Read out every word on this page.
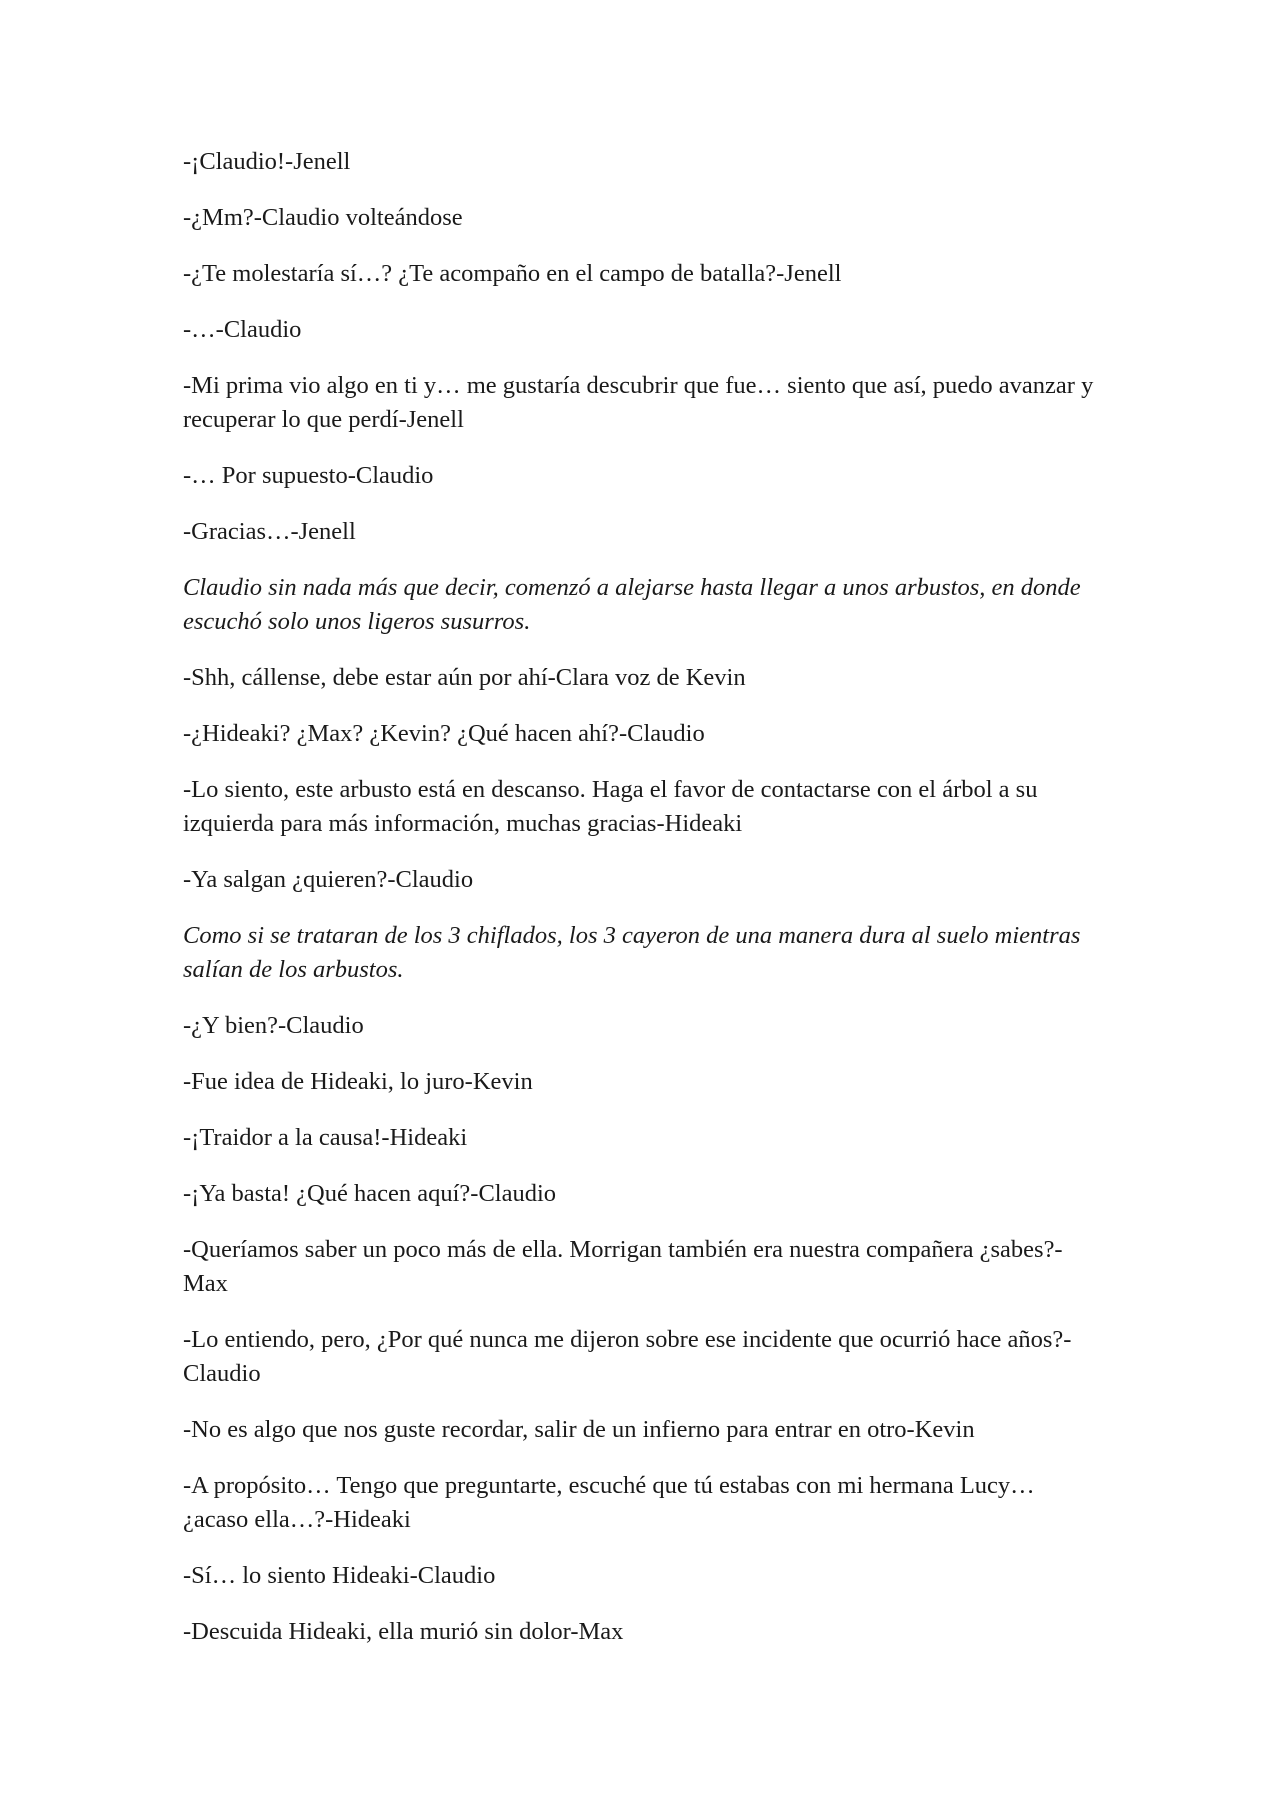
-¡Claudio!-Jenell

-¿Mm?-Claudio volteándose

-¿Te molestaría sí…? ¿Te acompaño en el campo de batalla?-Jenell

-…-Claudio

-Mi prima vio algo en ti y… me gustaría descubrir que fue… siento que así, puedo avanzar y recuperar lo que perdí-Jenell

-… Por supuesto-Claudio

-Gracias…-Jenell

Claudio sin nada más que decir, comenzó a alejarse hasta llegar a unos arbustos, en donde escuchó solo unos ligeros susurros.

-Shh, cállense, debe estar aún por ahí-Clara voz de Kevin

-¿Hideaki? ¿Max? ¿Kevin? ¿Qué hacen ahí?-Claudio

-Lo siento, este arbusto está en descanso. Haga el favor de contactarse con el árbol a su izquierda para más información, muchas gracias-Hideaki

-Ya salgan ¿quieren?-Claudio

Como si se trataran de los 3 chiflados, los 3 cayeron de una manera dura al suelo mientras salían de los arbustos.

-¿Y bien?-Claudio

-Fue idea de Hideaki, lo juro-Kevin

-¡Traidor a la causa!-Hideaki

-¡Ya basta! ¿Qué hacen aquí?-Claudio

-Queríamos saber un poco más de ella. Morrigan también era nuestra compañera ¿sabes?-Max

-Lo entiendo, pero, ¿Por qué nunca me dijeron sobre ese incidente que ocurrió hace años?-Claudio

-No es algo que nos guste recordar, salir de un infierno para entrar en otro-Kevin

-A propósito… Tengo que preguntarte, escuché que tú estabas con mi hermana Lucy… ¿acaso ella…?-Hideaki

-Sí… lo siento Hideaki-Claudio

-Descuida Hideaki, ella murió sin dolor-Max
